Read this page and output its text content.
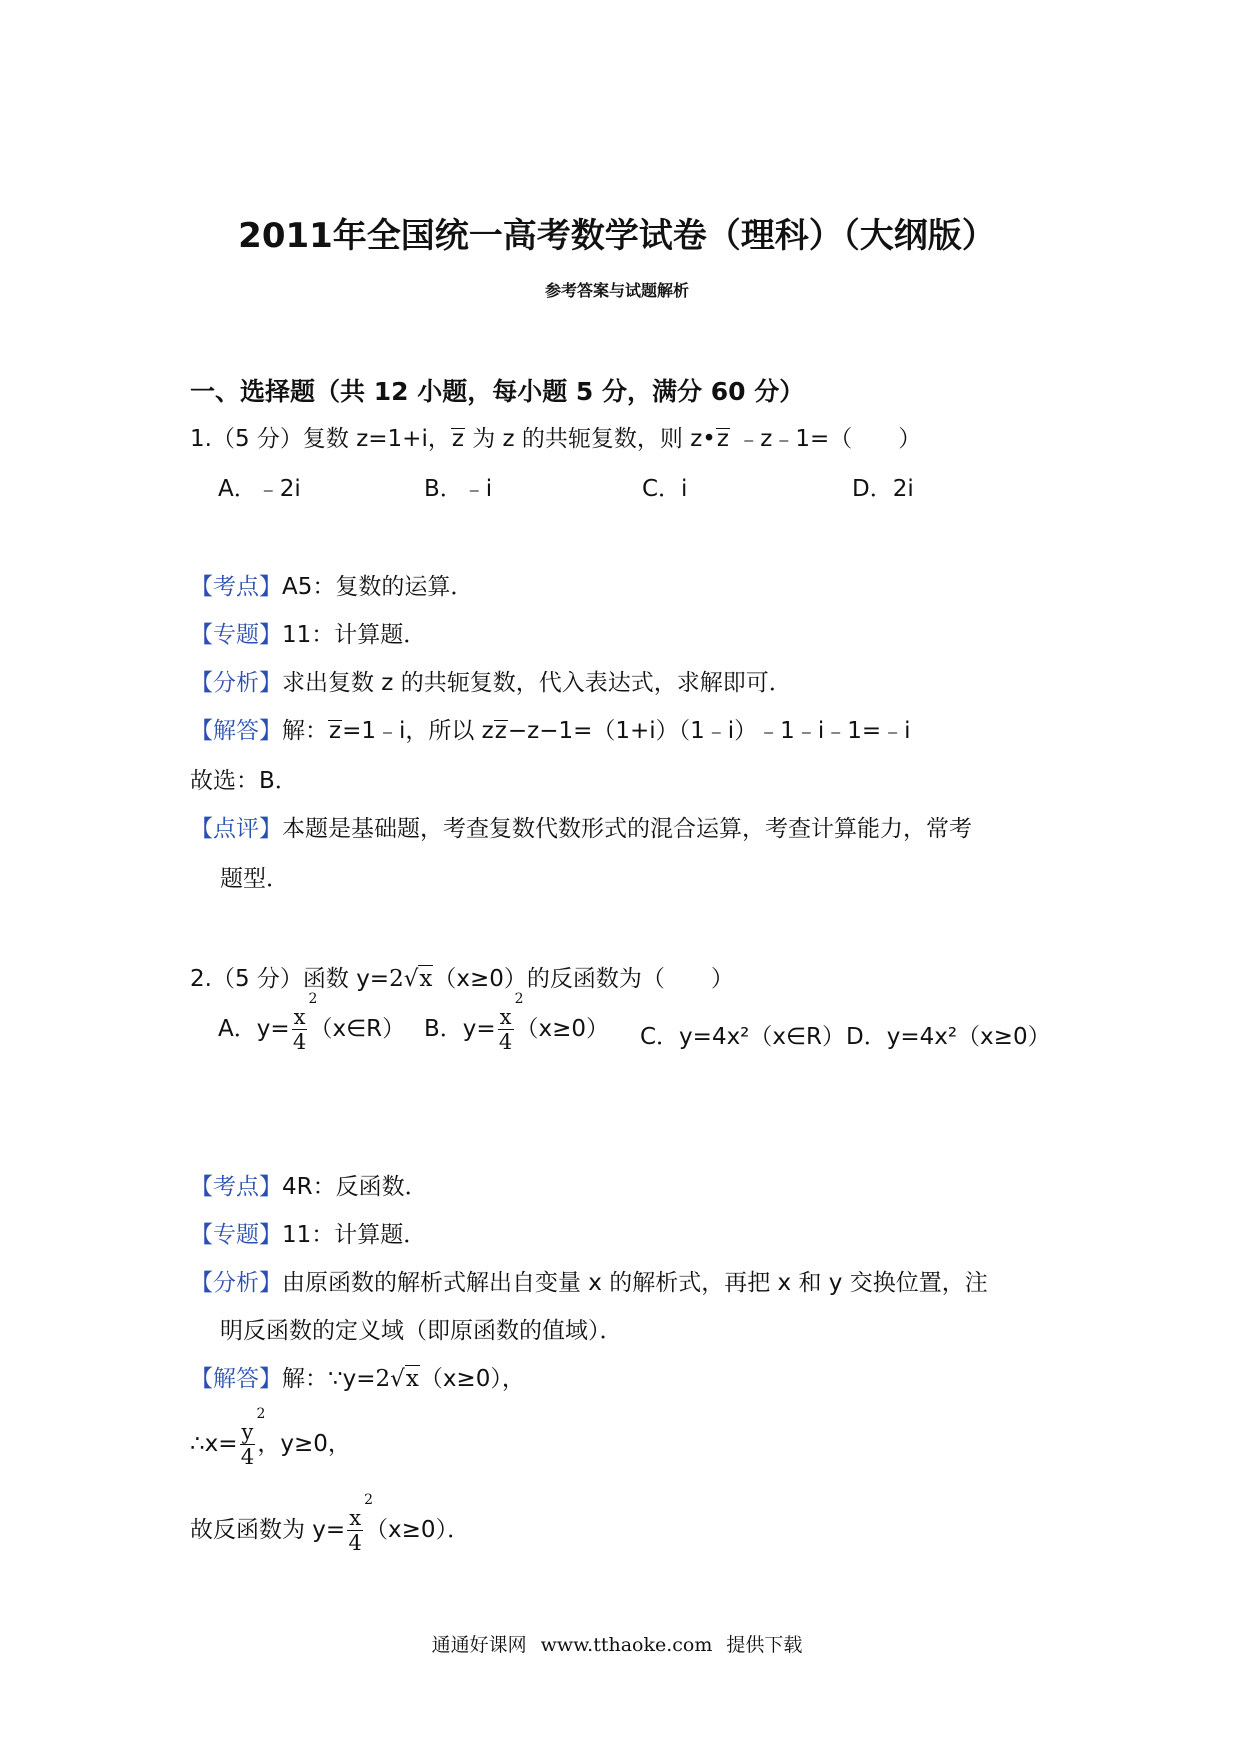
2011年全国统一高考数学试卷（理科）（大纲版）
参考答案与试题解析
一、选择题（共 12 小题，每小题 5 分，满分 60 分）
1.（5 分）复数 z=1+i，z 为 z 的共轭复数，则 z•z ﹣z﹣1=（　　）
A．﹣2i	B．﹣i	C．i	D．2i
【考点】A5：复数的运算．
【专题】11：计算题．
【分析】求出复数 z 的共轭复数，代入表达式，求解即可．
【解答】解：z=1﹣i，所以 zz−z−1=（1+i）（1﹣i）﹣1﹣i﹣1=﹣i
故选：B．
【点评】本题是基础题，考查复数代数形式的混合运算，考查计算能力，常考
题型．
2.（5 分）函数 y=2√x（x≥0）的反函数为（　　）
A．y= x
2
4 （x∈R） B．y= x
2
4 （x≥0） C．y=4x²（x∈R） D．y=4x²（x≥0）
【考点】4R：反函数．
【专题】11：计算题．
【分析】由原函数的解析式解出自变量 x 的解析式，再把 x 和 y 交换位置，注
明反函数的定义域（即原函数的值域）．
【解答】解：∵y=2√x（x≥0），
∴x= y
2
4 ，y≥0，
故反函数为 y= x
2
4 （x≥0）．
通通好课网 www.tthaoke.com 提供下载
